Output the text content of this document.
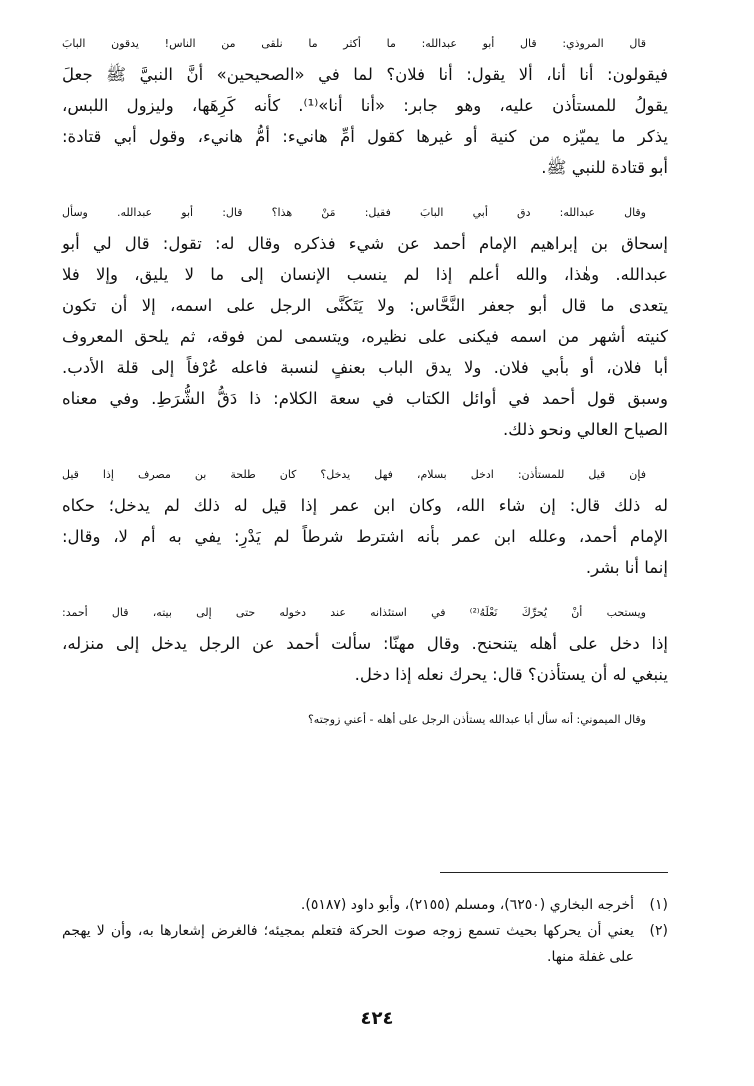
قال المروذي: قال أبو عبدالله: ما أكثر ما نلقى من الناس! يدقون البابَ
فيقولون: أنا أنا، ألا يقول: أنا فلان؟ لما في «الصحيحين» أنَّ النبيَّ ﷺ جعلَ
يقولُ للمستأذن عليه، وهو جابر: «أنا أنا»⁽¹⁾. كأنه كَرِهَها، وليزول اللبس،
يذكر ما يميّزه من كنية أو غيرها كقول أمِّ هانيء: أمُّ هانيء، وقول أبي قتادة:
أبو قتادة للنبي ﷺ.
وقال عبدالله: دق أبي البابَ فقيل: مَنْ هذا؟ قال: أبو عبدالله. وسأل
إسحاق بن إبراهيم الإمام أحمد عن شيء فذكره وقال له: تقول: قال لي أبو
عبدالله. وهٰذا، والله أعلم إذا لم ينسب الإنسان إلى ما لا يليق، وإلا فلا
يتعدى ما قال أبو جعفر النَّحَّاس: ولا يَتَكَنَّى الرجل على اسمه، إلا أن تكون
كنيته أشهر من اسمه فيكنى على نظيره، ويتسمى لمن فوقه، ثم يلحق المعروف
أبا فلان، أو بأبي فلان. ولا يدق الباب بعنفٍ لنسبة فاعله عُرْفاً إلى قلة الأدب.
وسبق قول أحمد في أوائل الكتاب في سعة الكلام: ذا دَقُّ الشُّرَطِ. وفي معناه
الصياح العالي ونحو ذلك.
فإن قيل للمستأذن: ادخل بسلام، فهل يدخل؟ كان طلحة بن مصرف إذا قيل
له ذلك قال: إن شاء الله، وكان ابن عمر إذا قيل له ذلك لم يدخل؛ حكاه
الإمام أحمد، وعلله ابن عمر بأنه اشترط شرطاً لم يَدْرِ: يفي به أم لا، وقال:
إنما أنا بشر.
ويستحب أنْ يُحرِّكَ نَعْلَهُ⁽²⁾ في استئذانه عند دخوله حتى إلى بيته، قال أحمد:
إذا دخل على أهله يتنحنح. وقال مهنّا: سألت أحمد عن الرجل يدخل إلى منزله،
ينبغي له أن يستأذن؟ قال: يحرك نعله إذا دخل.
وقال الميموني: أنه سأل أبا عبدالله يستأذن الرجل على أهله - أعني زوجته؟
(١)
أخرجه البخاري (٦٢٥٠)، ومسلم (٢١٥٥)، وأبو داود (٥١٨٧).
(٢)
يعني أن يحركها بحيث تسمع زوجه صوت الحركة فتعلم بمجيئه؛ فالغرض إشعارها به، وأن لا يهجم على غفلة منها.
٤٢٤
